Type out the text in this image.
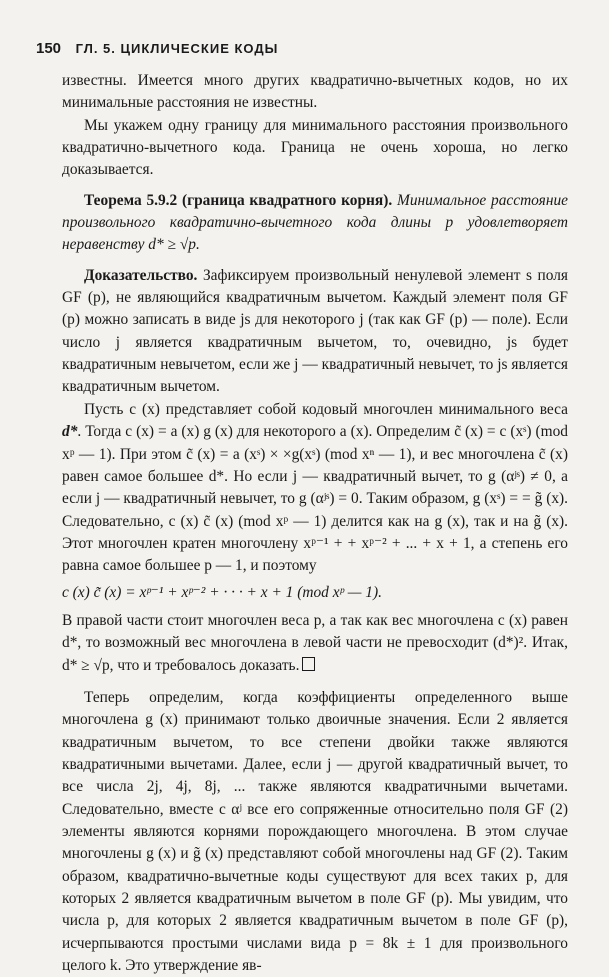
150 ГЛ. 5. ЦИКЛИЧЕСКИЕ КОДЫ

известны. Имеется много других квадратично-вычетных кодов, но их минимальные расстояния не известны.

Мы укажем одну границу для минимального расстояния произвольного квадратично-вычетного кода. Граница не очень хороша, но легко доказывается.

Теорема 5.9.2 (граница квадратного корня). Минимальное расстояние произвольного квадратично-вычетного кода длины p удовлетворяет неравенству d* ≥ √p.

Доказательство. Зафиксируем произвольный ненулевой элемент s поля GF (p), не являющийся квадратичным вычетом. Каждый элемент поля GF (p) можно записать в виде js для некоторого j (так как GF (p) — поле). Если число j является квадратичным вычетом, то, очевидно, js будет квадратичным невычетом, если же j — квадратичный невычет, то js является квадратичным вычетом.

Пусть c (x) представляет собой кодовый многочлен минимального веса d*. Тогда c (x) = a (x) g (x) для некоторого a (x). Определим c̃ (x) = c (xˢ) (mod xᵖ — 1). При этом c̃ (x) = a (xˢ) × ×g(xˢ) (mod xⁿ — 1), и вес многочлена c̃ (x) равен самое большее d*. Но если j — квадратичный вычет, то g (αʲˢ) ≠ 0, а если j — квадратичный невычет, то g (αʲˢ) = 0. Таким образом, g (xˢ) = = g̃ (x). Следовательно, c (x) c̃ (x) (mod xᵖ — 1) делится как на g (x), так и на g̃ (x). Этот многочлен кратен многочлену xᵖ⁻¹ + + xᵖ⁻² + ... + x + 1, а степень его равна самое большее p — 1, и поэтому

c (x) c̃ (x) = xᵖ⁻¹ + xᵖ⁻² + · · · + x + 1 (mod xᵖ — 1).

В правой части стоит многочлен веса p, а так как вес многочлена c (x) равен d*, то возможный вес многочлена в левой части не превосходит (d*)². Итак, d* ≥ √p, что и требовалось доказать.

Теперь определим, когда коэффициенты определенного выше многочлена g (x) принимают только двоичные значения. Если 2 является квадратичным вычетом, то все степени двойки также являются квадратичными вычетами. Далее, если j — другой квадратичный вычет, то все числа 2j, 4j, 8j, ... также являются квадратичными вычетами. Следовательно, вместе с αʲ все его сопряженные относительно поля GF (2) элементы являются корнями порождающего многочлена. В этом случае многочлены g (x) и g̃ (x) представляют собой многочлены над GF (2). Таким образом, квадратично-вычетные коды существуют для всех таких p, для которых 2 является квадратичным вычетом в поле GF (p). Мы увидим, что числа p, для которых 2 является квадратичным вычетом в поле GF (p), исчерпываются простыми числами вида p = 8k ± 1 для произвольного целого k. Это утверждение яв-
